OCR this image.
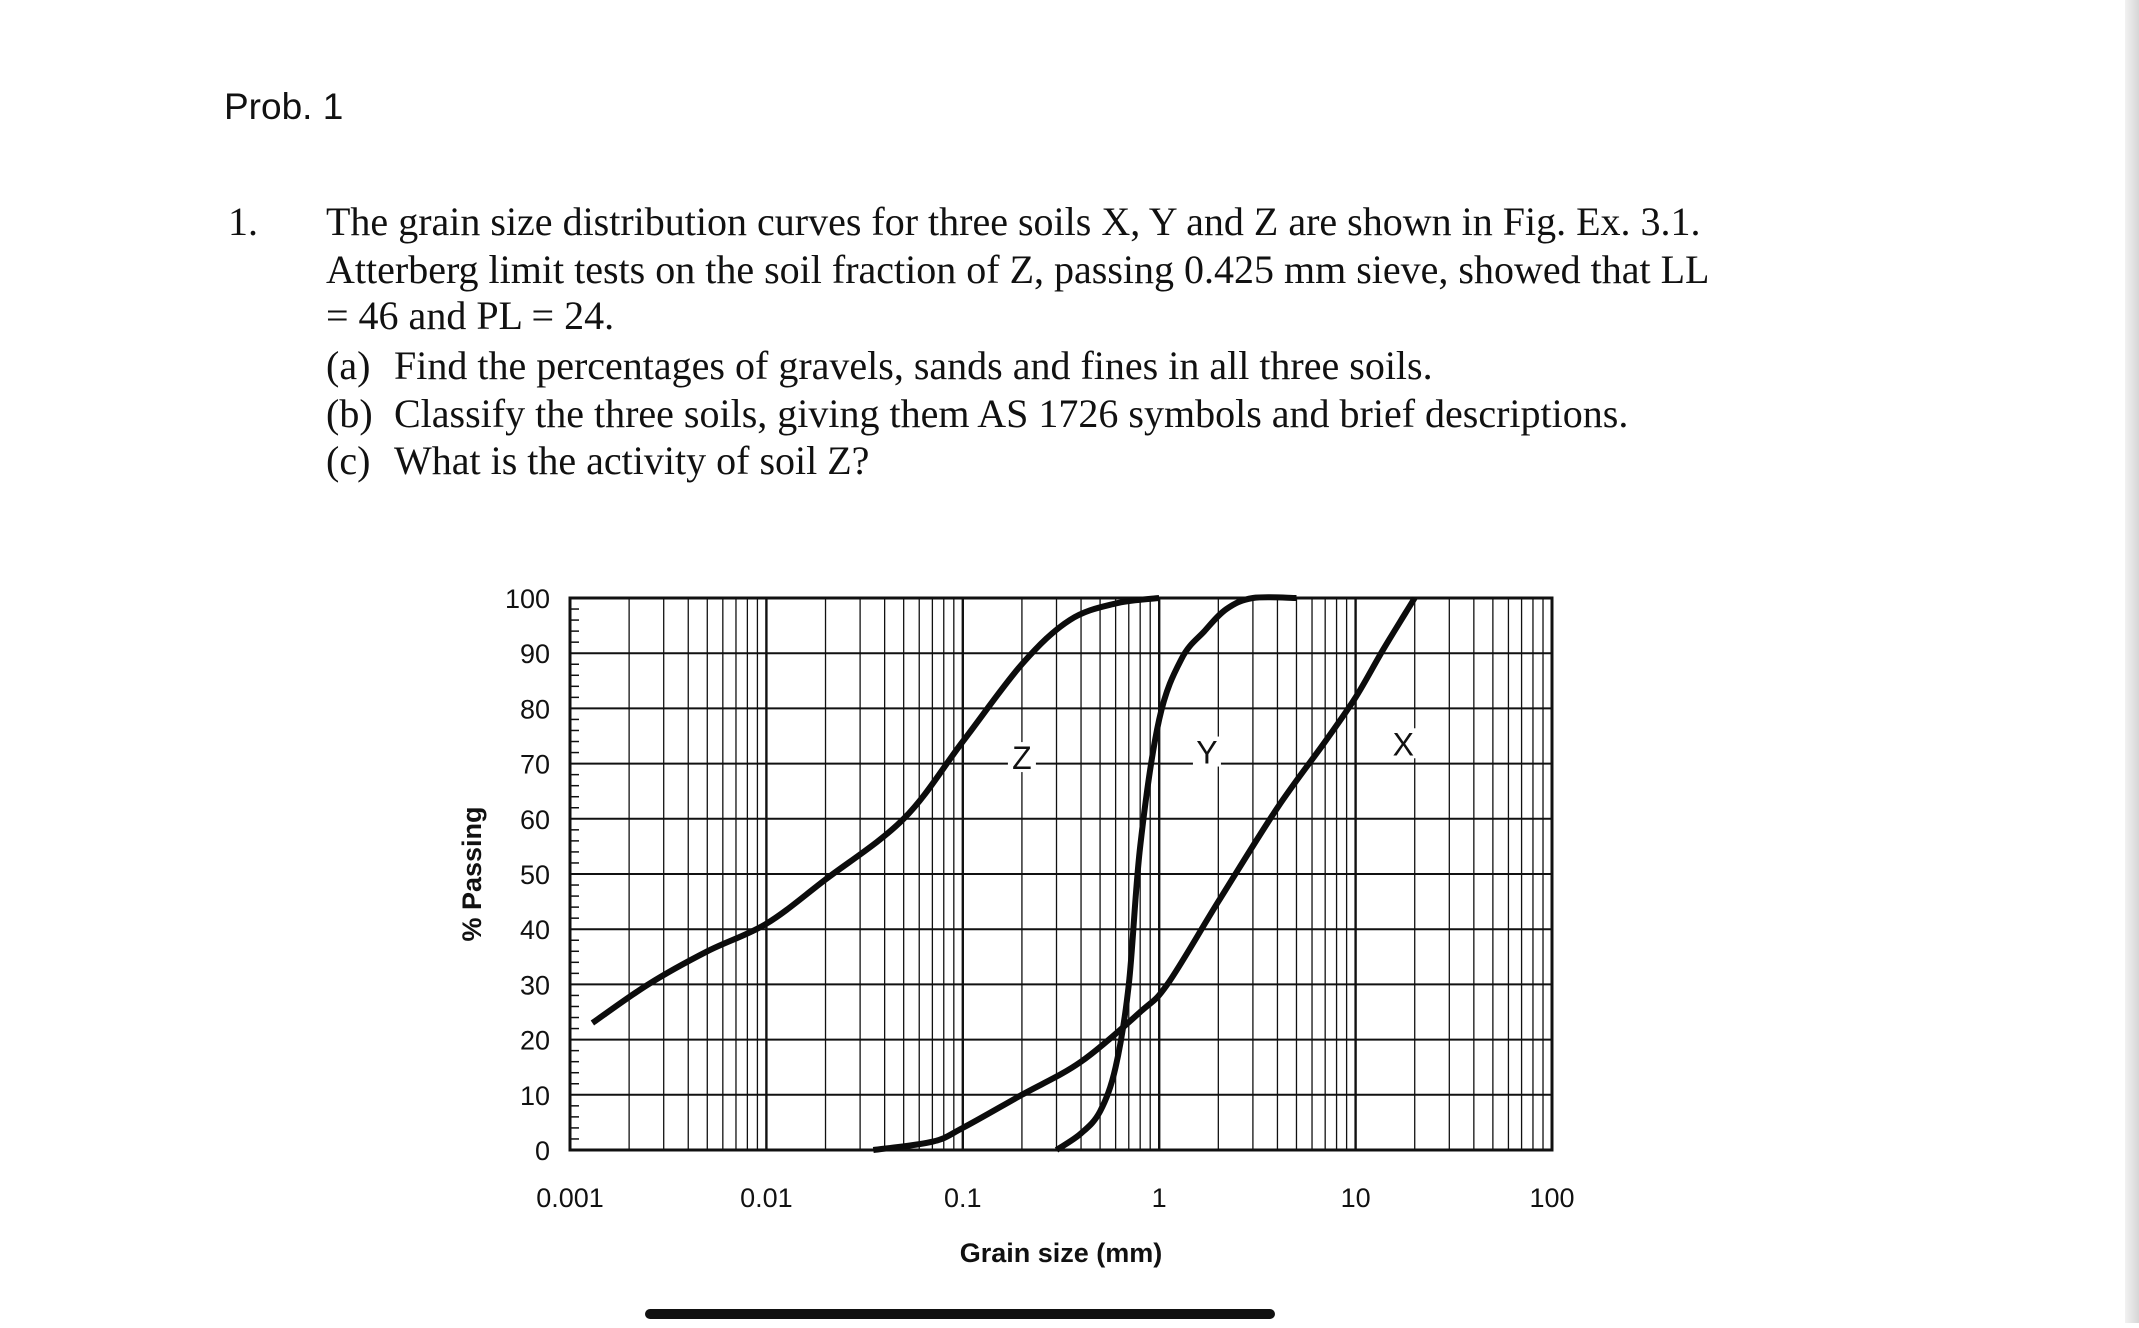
Prob. 1
1. The grain size distribution curves for three soils X, Y and Z are shown in Fig. Ex. 3.1.
Atterberg limit tests on the soil fraction of Z, passing 0.425 mm sieve, showed that LL
= 46 and PL = 24.
(a) Find the percentages of gravels, sands and fines in all three soils.
(b) Classify the three soils, giving them AS 1726 symbols and brief descriptions.
(c) What is the activity of soil Z?
Z	Y	X
0
10
20
30
40
50
60
70
80
90
100
0.001	0.01	0.1	1	10	100
Grain size (mm)
% Passing
